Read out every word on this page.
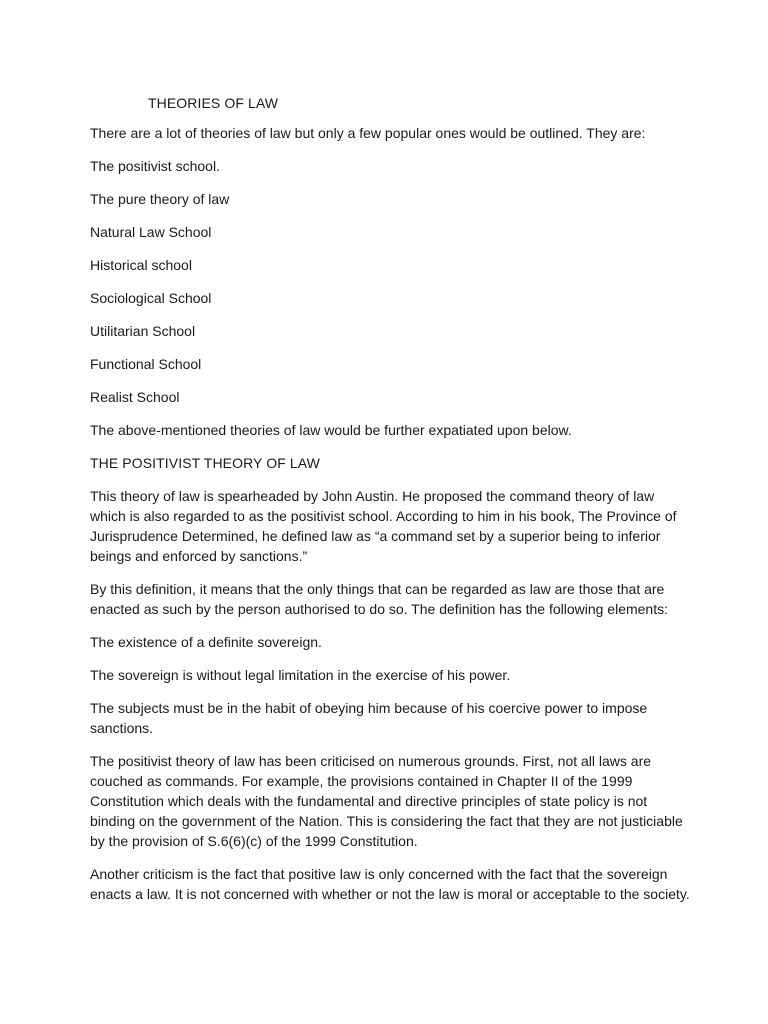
THEORIES OF LAW

There are a lot of theories of law but only a few popular ones would be outlined. They are:

The positivist school.

The pure theory of law

Natural Law School

Historical school

Sociological School

Utilitarian School

Functional School

Realist School

The above-mentioned theories of law would be further expatiated upon below.

THE POSITIVIST THEORY OF LAW

This theory of law is spearheaded by John Austin. He proposed the command theory of law which is also regarded to as the positivist school. According to him in his book, The Province of Jurisprudence Determined, he defined law as “a command set by a superior being to inferior beings and enforced by sanctions.”

By this definition, it means that the only things that can be regarded as law are those that are enacted as such by the person authorised to do so. The definition has the following elements:

The existence of a definite sovereign.

The sovereign is without legal limitation in the exercise of his power.

The subjects must be in the habit of obeying him because of his coercive power to impose sanctions.

The positivist theory of law has been criticised on numerous grounds. First, not all laws are couched as commands. For example, the provisions contained in Chapter II of the 1999 Constitution which deals with the fundamental and directive principles of state policy is not binding on the government of the Nation. This is considering the fact that they are not justiciable by the provision of S.6(6)(c) of the 1999 Constitution.

Another criticism is the fact that positive law is only concerned with the fact that the sovereign enacts a law. It is not concerned with whether or not the law is moral or acceptable to the society.
